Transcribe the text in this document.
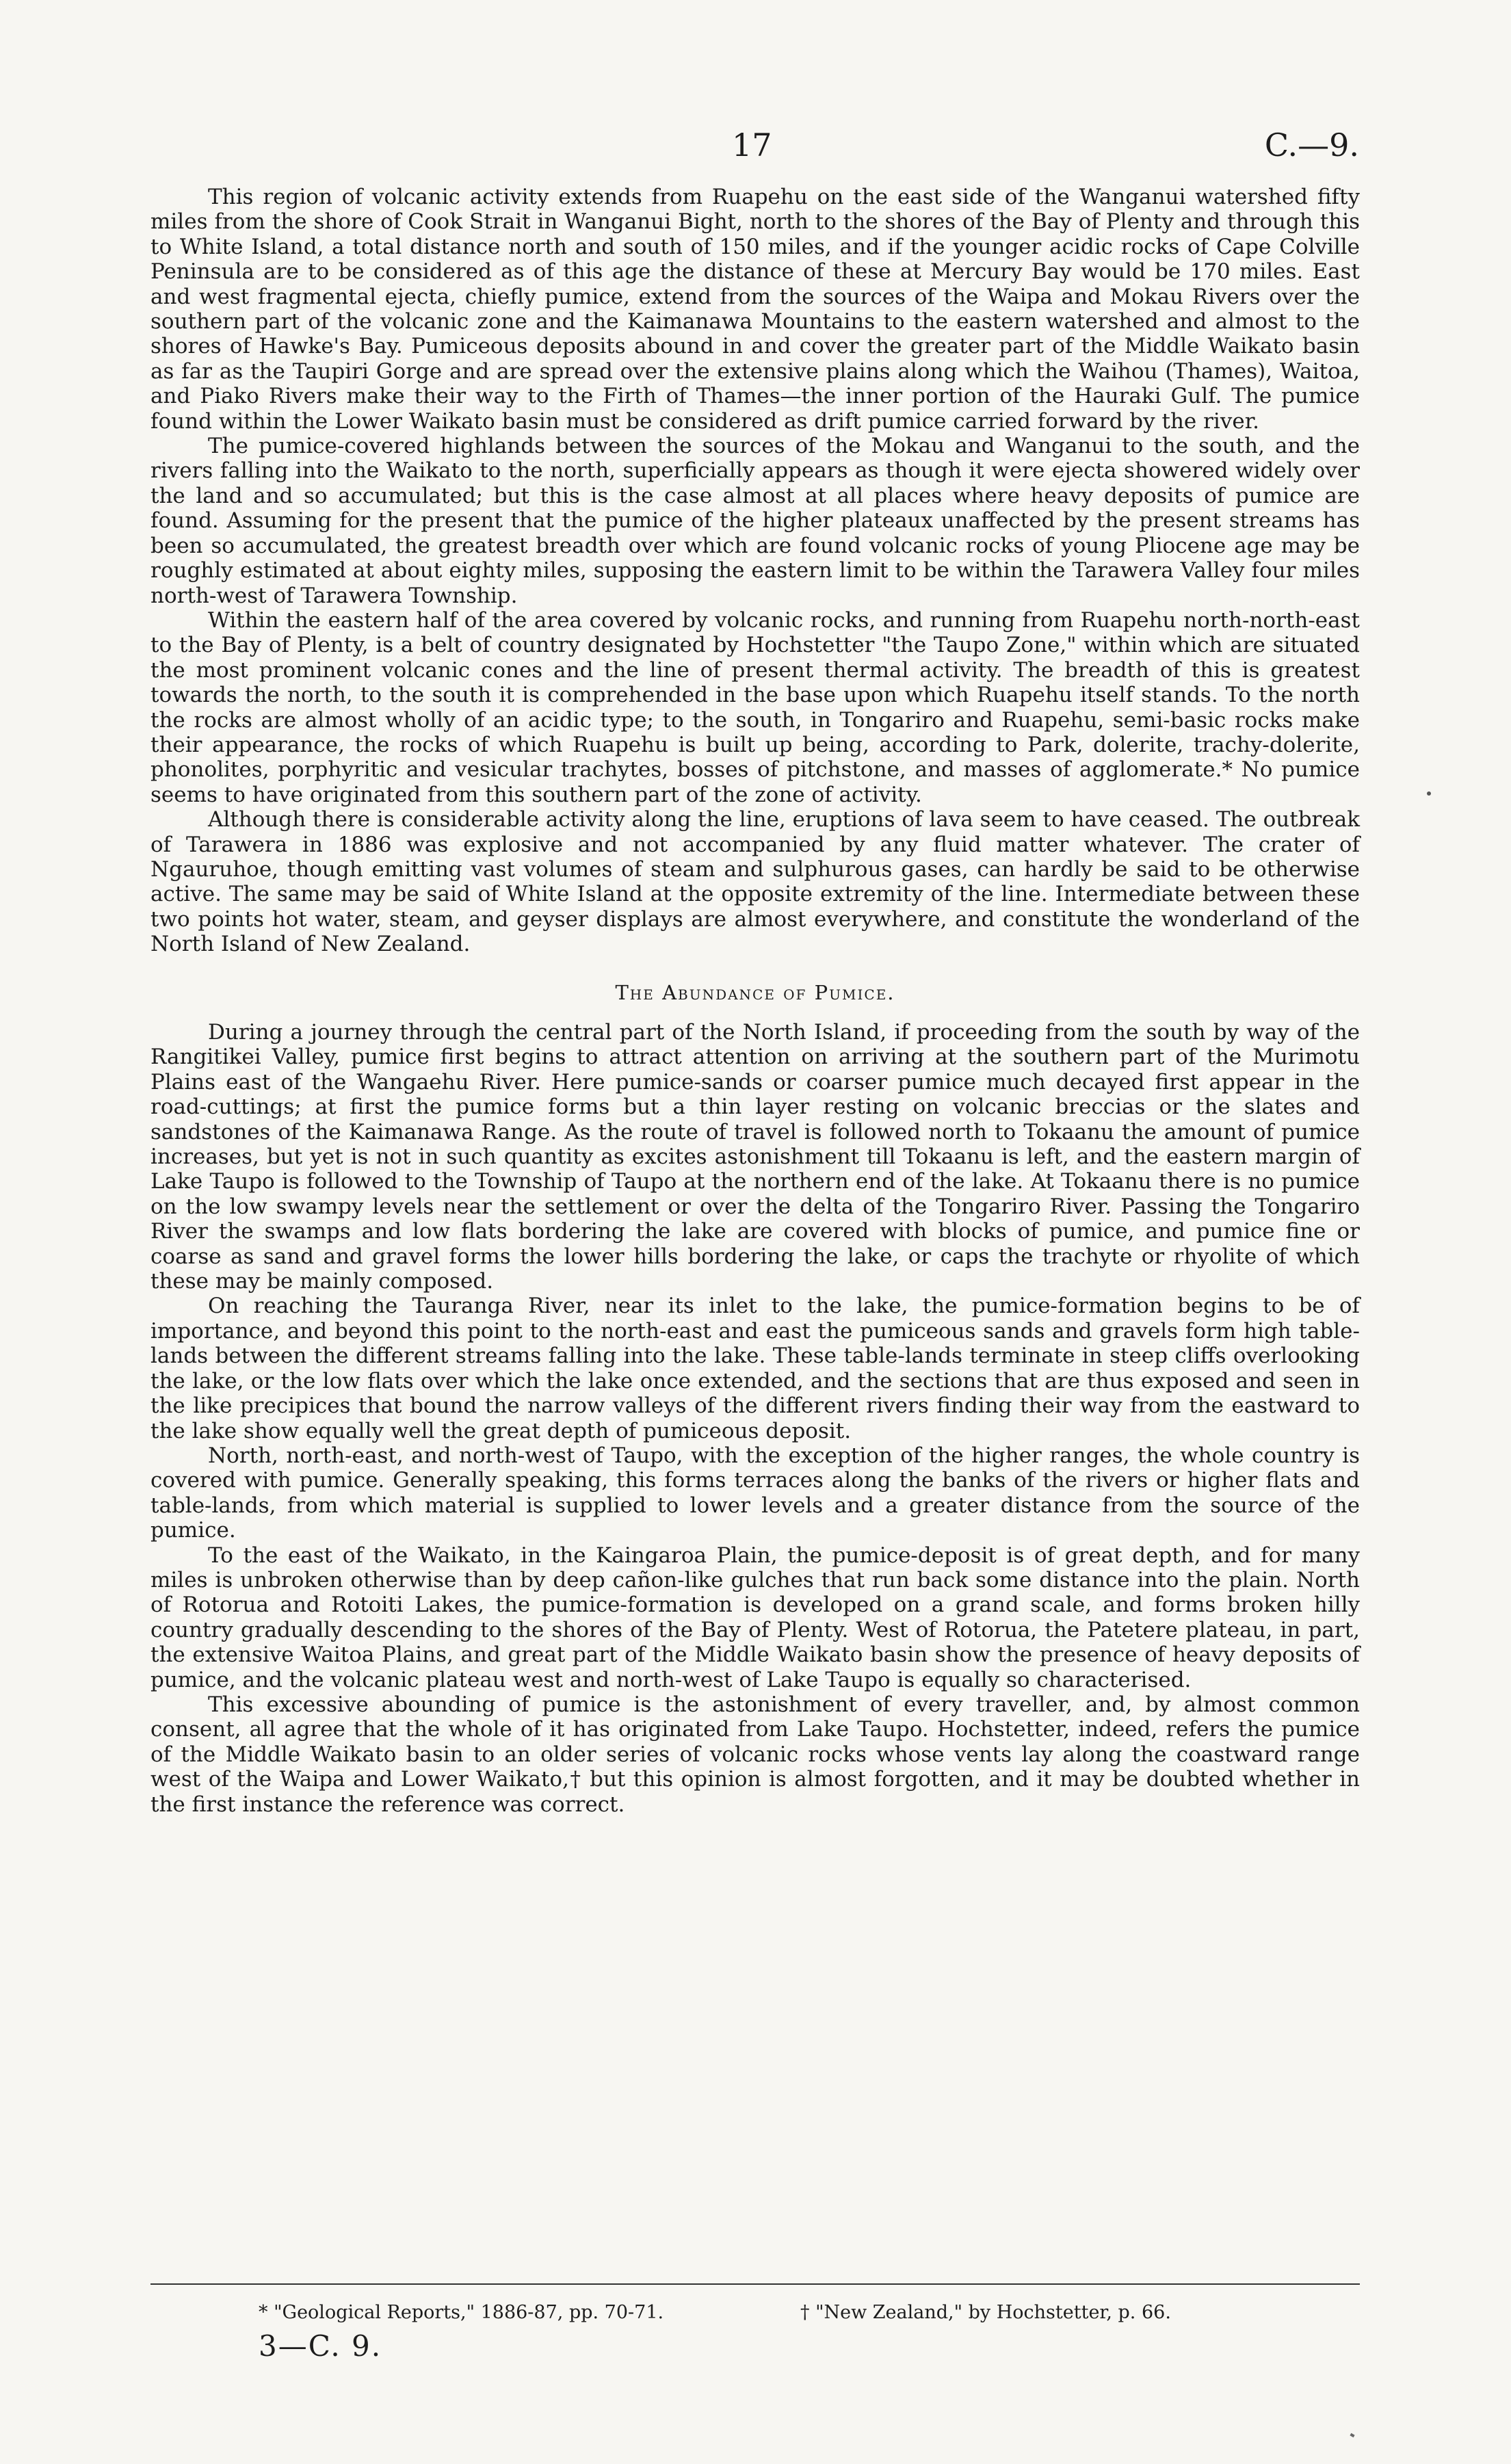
17	C.—9.

This region of volcanic activity extends from Ruapehu on the east side of the Wanganui watershed fifty miles from the shore of Cook Strait in Wanganui Bight, north to the shores of the Bay of Plenty and through this to White Island, a total distance north and south of 150 miles, and if the younger acidic rocks of Cape Colville Peninsula are to be considered as of this age the distance of these at Mercury Bay would be 170 miles. East and west fragmental ejecta, chiefly pumice, extend from the sources of the Waipa and Mokau Rivers over the southern part of the volcanic zone and the Kaimanawa Mountains to the eastern watershed and almost to the shores of Hawke's Bay. Pumiceous deposits abound in and cover the greater part of the Middle Waikato basin as far as the Taupiri Gorge and are spread over the extensive plains along which the Waihou (Thames), Waitoa, and Piako Rivers make their way to the Firth of Thames—the inner portion of the Hauraki Gulf. The pumice found within the Lower Waikato basin must be considered as drift pumice carried forward by the river.

The pumice-covered highlands between the sources of the Mokau and Wanganui to the south, and the rivers falling into the Waikato to the north, superficially appears as though it were ejecta showered widely over the land and so accumulated; but this is the case almost at all places where heavy deposits of pumice are found. Assuming for the present that the pumice of the higher plateaux unaffected by the present streams has been so accumulated, the greatest breadth over which are found volcanic rocks of young Pliocene age may be roughly estimated at about eighty miles, supposing the eastern limit to be within the Tarawera Valley four miles north-west of Tarawera Township.

Within the eastern half of the area covered by volcanic rocks, and running from Ruapehu north-north-east to the Bay of Plenty, is a belt of country designated by Hochstetter "the Taupo Zone," within which are situated the most prominent volcanic cones and the line of present thermal activity. The breadth of this is greatest towards the north, to the south it is comprehended in the base upon which Ruapehu itself stands. To the north the rocks are almost wholly of an acidic type; to the south, in Tongariro and Ruapehu, semi-basic rocks make their appearance, the rocks of which Ruapehu is built up being, according to Park, dolerite, trachy-dolerite, phonolites, porphyritic and vesicular trachytes, bosses of pitchstone, and masses of agglomerate.* No pumice seems to have originated from this southern part of the zone of activity.

Although there is considerable activity along the line, eruptions of lava seem to have ceased. The outbreak of Tarawera in 1886 was explosive and not accompanied by any fluid matter whatever. The crater of Ngauruhoe, though emitting vast volumes of steam and sulphurous gases, can hardly be said to be otherwise active. The same may be said of White Island at the opposite extremity of the line. Intermediate between these two points hot water, steam, and geyser displays are almost everywhere, and constitute the wonderland of the North Island of New Zealand.

The Abundance of Pumice.

During a journey through the central part of the North Island, if proceeding from the south by way of the Rangitikei Valley, pumice first begins to attract attention on arriving at the southern part of the Murimotu Plains east of the Wangaehu River. Here pumice-sands or coarser pumice much decayed first appear in the road-cuttings; at first the pumice forms but a thin layer resting on volcanic breccias or the slates and sandstones of the Kaimanawa Range. As the route of travel is followed north to Tokaanu the amount of pumice increases, but yet is not in such quantity as excites astonishment till Tokaanu is left, and the eastern margin of Lake Taupo is followed to the Township of Taupo at the northern end of the lake. At Tokaanu there is no pumice on the low swampy levels near the settlement or over the delta of the Tongariro River. Passing the Tongariro River the swamps and low flats bordering the lake are covered with blocks of pumice, and pumice fine or coarse as sand and gravel forms the lower hills bordering the lake, or caps the trachyte or rhyolite of which these may be mainly composed.

On reaching the Tauranga River, near its inlet to the lake, the pumice-formation begins to be of importance, and beyond this point to the north-east and east the pumiceous sands and gravels form high table-lands between the different streams falling into the lake. These table-lands terminate in steep cliffs overlooking the lake, or the low flats over which the lake once extended, and the sections that are thus exposed and seen in the like precipices that bound the narrow valleys of the different rivers finding their way from the eastward to the lake show equally well the great depth of pumiceous deposit.

North, north-east, and north-west of Taupo, with the exception of the higher ranges, the whole country is covered with pumice. Generally speaking, this forms terraces along the banks of the rivers or higher flats and table-lands, from which material is supplied to lower levels and a greater distance from the source of the pumice.

To the east of the Waikato, in the Kaingaroa Plain, the pumice-deposit is of great depth, and for many miles is unbroken otherwise than by deep cañon-like gulches that run back some distance into the plain. North of Rotorua and Rotoiti Lakes, the pumice-formation is developed on a grand scale, and forms broken hilly country gradually descending to the shores of the Bay of Plenty. West of Rotorua, the Patetere plateau, in part, the extensive Waitoa Plains, and great part of the Middle Waikato basin show the presence of heavy deposits of pumice, and the volcanic plateau west and north-west of Lake Taupo is equally so characterised.

This excessive abounding of pumice is the astonishment of every traveller, and, by almost common consent, all agree that the whole of it has originated from Lake Taupo. Hochstetter, indeed, refers the pumice of the Middle Waikato basin to an older series of volcanic rocks whose vents lay along the coastward range west of the Waipa and Lower Waikato,† but this opinion is almost forgotten, and it may be doubted whether in the first instance the reference was correct.

* "Geological Reports," 1886-87, pp. 70-71.	† "New Zealand," by Hochstetter, p. 66.
3—C. 9.
